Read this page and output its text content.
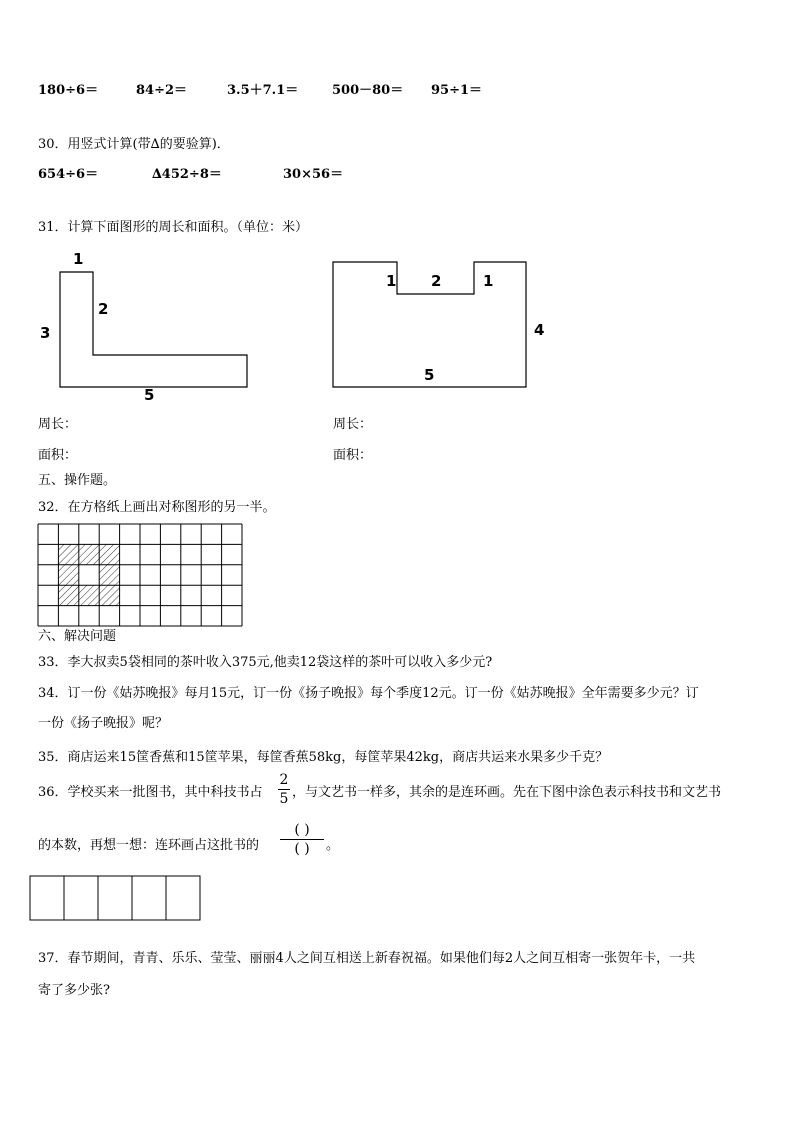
180÷6＝	84÷2＝	3.5＋7.1＝	500－80＝ 95÷1＝
30．用竖式计算(带∆的要验算)．
654÷6＝	∆452÷8＝	30×56＝
31．计算下面图形的周长和面积。（单位：米）
1
2
3
5
1 2	1
4
5
周长：	周长：
面积：	面积：
五、操作题。
32．在方格纸上画出对称图形的另一半。
六、解决问题
33．李大叔卖5袋相同的茶叶收入375元,他卖12袋这样的茶叶可以收入多少元?
34．订一份《姑苏晚报》每月15元，订一份《扬子晚报》每个季度12元。订一份《姑苏晚报》全年需要多少元？订
一份《扬子晚报》呢？
35．商店运来15筐香蕉和15筐苹果，每筐香蕉58kg，每筐苹果42kg，商店共运来水果多少千克？
36．学校买来一批图书，其中科技书占
2
5 ，与文艺书一样多，其余的是连环画。先在下图中涂色表示科技书和文艺书
的本数，再想一想：连环画占这批书的
( )
( )	。
37．春节期间，青青、乐乐、莹莹、丽丽4人之间互相送上新春祝福。如果他们每2人之间互相寄一张贺年卡，一共
寄了多少张?
